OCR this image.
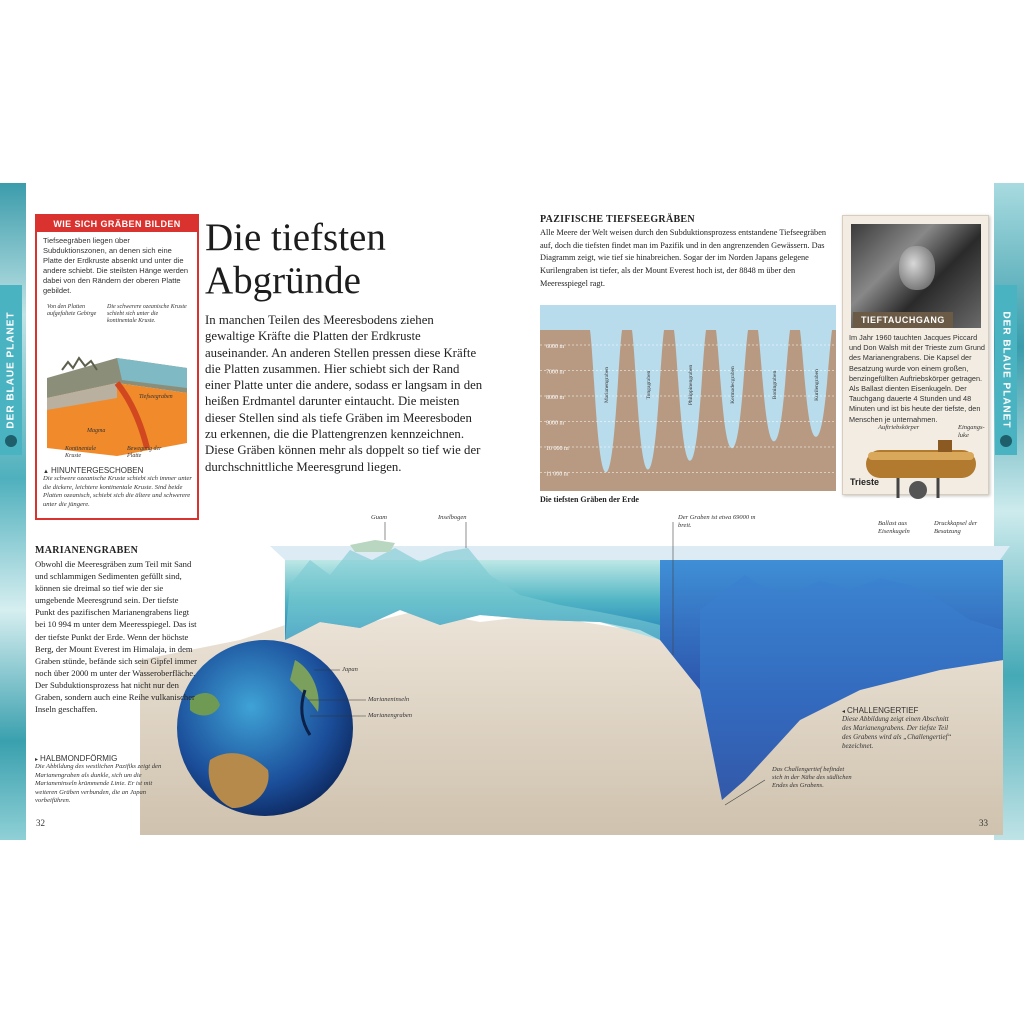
DER BLAUE PLANET	DER BLAUE PLANET
WIE SICH GRÄBEN BILDEN
Tiefseegräben liegen über Subduktionszonen, an denen sich eine Platte der Erdkruste absenkt und unter die andere schiebt. Die steilsten Hänge werden dabei von den Rändern der oberen Platte gebildet.
Von den Platten aufgefaltete Gebirge
Die schwerere ozeanische Kruste schiebt sich unter die kontinentale Kruste.
Tiefseegraben
Magma
Kontinentale Kruste
Bewegung der Platte
▲ HINUNTERGESCHOBEN

Die schwere ozeanische Kruste schiebt sich immer unter die dickere, leichtere kontinentale Kruste. Sind beide Platten ozeanisch, schiebt sich die ältere und schwerere unter die jüngere.

Die tiefsten
Abgründe
In manchen Teilen des Meeresbodens ziehen gewaltige Kräfte die Platten der Erdkruste auseinander. An anderen Stellen pressen diese Kräfte die Platten zusammen. Hier schiebt sich der Rand einer Platte unter die andere, sodass er langsam in den heißen Erdmantel darunter eintaucht. Die meisten dieser Stellen sind als tiefe Gräben im Meeresboden zu erkennen, die die Plattengrenzen kennzeichnen. Diese Gräben können mehr als doppelt so tief wie der durchschnittliche Meeresgrund liegen.
PAZIFISCHE TIEFSEEGRÄBEN
Alle Meere der Welt weisen durch den Subduktionsprozess entstandene Tiefseegräben auf, doch die tiefsten findet man im Pazifik und in den angrenzenden Gewässern. Das Diagramm zeigt, wie tief sie hinabreichen. Sogar der im Norden Japans gelegene Kurilengraben ist tiefer, als der Mount Everest hoch ist, der 8848 m über den Meeresspiegel ragt.
6000 m
7000 m
8000 m
9000 m
10 000 m
11 000 m
Marianengraben	Tongagraben	Philippinengraben	Kermadecgraben	Boningraben	Kurilengraben
Die tiefsten Gräben der Erde
TIEFTAUCHGANG
Im Jahr 1960 tauchten Jacques Piccard und Don Walsh mit der Trieste zum Grund des Marianengrabens. Die Kapsel der Besatzung wurde von einem großen, benzingefüllten Auftriebskörper getragen. Als Ballast dienten Eisenkugeln. Der Tauchgang dauerte 4 Stunden und 48 Minuten und ist bis heute der tiefste, den Menschen je unternahmen.
Auftriebskörper	Eingangs-luke
Trieste
Ballast aus Eisenkugeln
Druckkapsel der Besatzung
MARIANENGRABEN
Obwohl die Meeresgräben zum Teil mit Sand und schlammigen Sedimenten gefüllt sind, können sie dreimal so tief wie der sie umgebende Meeresgrund sein. Der tiefste Punkt des pazifischen Marianengrabens liegt bei 10 994 m unter dem Meeresspiegel. Das ist der tiefste Punkt der Erde. Wenn der höchste Berg, der Mount Everest im Himalaja, in dem Graben stünde, befände sich sein Gipfel immer noch über 2000 m unter der Wasseroberfläche. Der Subduktionsprozess hat nicht nur den Graben, sondern auch eine Reihe vulkanischer Inseln geschaffen.
▸ HALBMONDFÖRMIG

Die Abbildung des westlichen Pazifiks zeigt den Marianengraben als dunkle, sich um die Marianeninseln krümmende Linie. Er ist mit weiteren Gräben verbunden, die an Japan vorbeiführen.

Japan
Marianeninseln
Marianengraben
Guam	Inselbogen	Der Graben ist etwa 69000 m breit.
Das Challengertief befindet sich in der Nähe des südlichen Endes des Grabens.
◂ CHALLENGERTIEF

Diese Abbildung zeigt einen Abschnitt des Marianengrabens. Der tiefste Teil des Grabens wird als „Challengertief“ bezeichnet.

32	33
